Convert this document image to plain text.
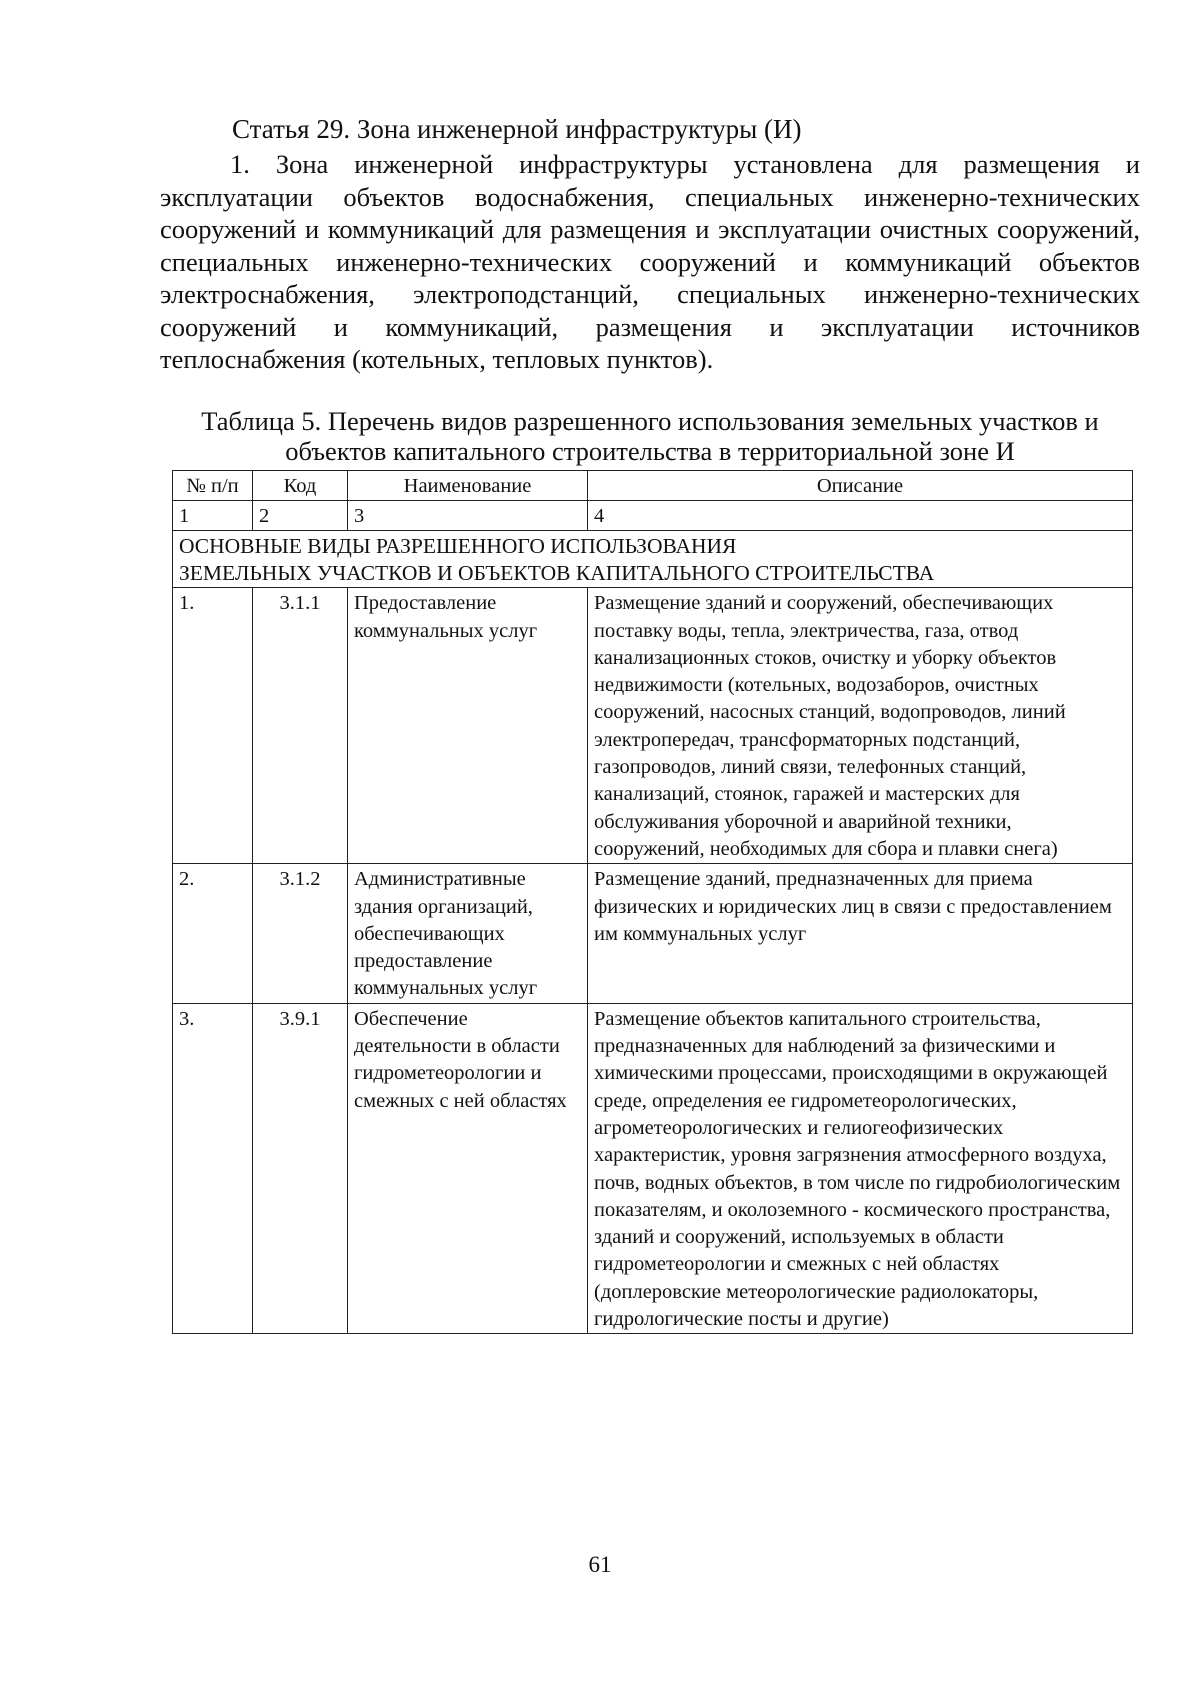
Статья 29. Зона инженерной инфраструктуры (И)

1. Зона инженерной инфраструктуры установлена для размещения и эксплуатации объектов водоснабжения, специальных инженерно-технических сооружений и коммуникаций для размещения и эксплуатации очистных сооружений, специальных инженерно-технических сооружений и коммуникаций объектов электроснабжения, электроподстанций, специальных инженерно-технических сооружений и коммуникаций, размещения и эксплуатации источников теплоснабжения (котельных, тепловых пунктов).

Таблица 5. Перечень видов разрешенного использования земельных участков и объектов капитального строительства в территориальной зоне И

№ п/п	Код	Наименование	Описание
1	2	3	4

ОСНОВНЫЕ ВИДЫ РАЗРЕШЕННОГО ИСПОЛЬЗОВАНИЯ
ЗЕМЕЛЬНЫХ УЧАСТКОВ И ОБЪЕКТОВ КАПИТАЛЬНОГО СТРОИТЕЛЬСТВА			

1.	3.1.1	Предоставление коммунальных услуг	Размещение зданий и сооружений, обеспечивающих поставку воды, тепла, электричества, газа, отвод канализационных стоков, очистку и уборку объектов недвижимости (котельных, водозаборов, очистных сооружений, насосных станций, водопроводов, линий электропередач, трансформаторных подстанций, газопроводов, линий связи, телефонных станций, канализаций, стоянок, гаражей и мастерских для обслуживания уборочной и аварийной техники, сооружений, необходимых для сбора и плавки снега)
2.	3.1.2	Административные здания организаций, обеспечивающих предоставление коммунальных услуг	Размещение зданий, предназначенных для приема физических и юридических лиц в связи с предоставлением им коммунальных услуг
3.	3.9.1	Обеспечение деятельности в области гидрометеорологии и смежных с ней областях	Размещение объектов капитального строительства, предназначенных для наблюдений за физическими и химическими процессами, происходящими в окружающей среде, определения ее гидрометеорологических, агрометеорологических и гелиогеофизических характеристик, уровня загрязнения атмосферного воздуха, почв, водных объектов, в том числе по гидробиологическим показателям, и околоземного - космического пространства, зданий и сооружений, используемых в области гидрометеорологии и смежных с ней областях (доплеровские метеорологические радиолокаторы, гидрологические посты и другие)

61
